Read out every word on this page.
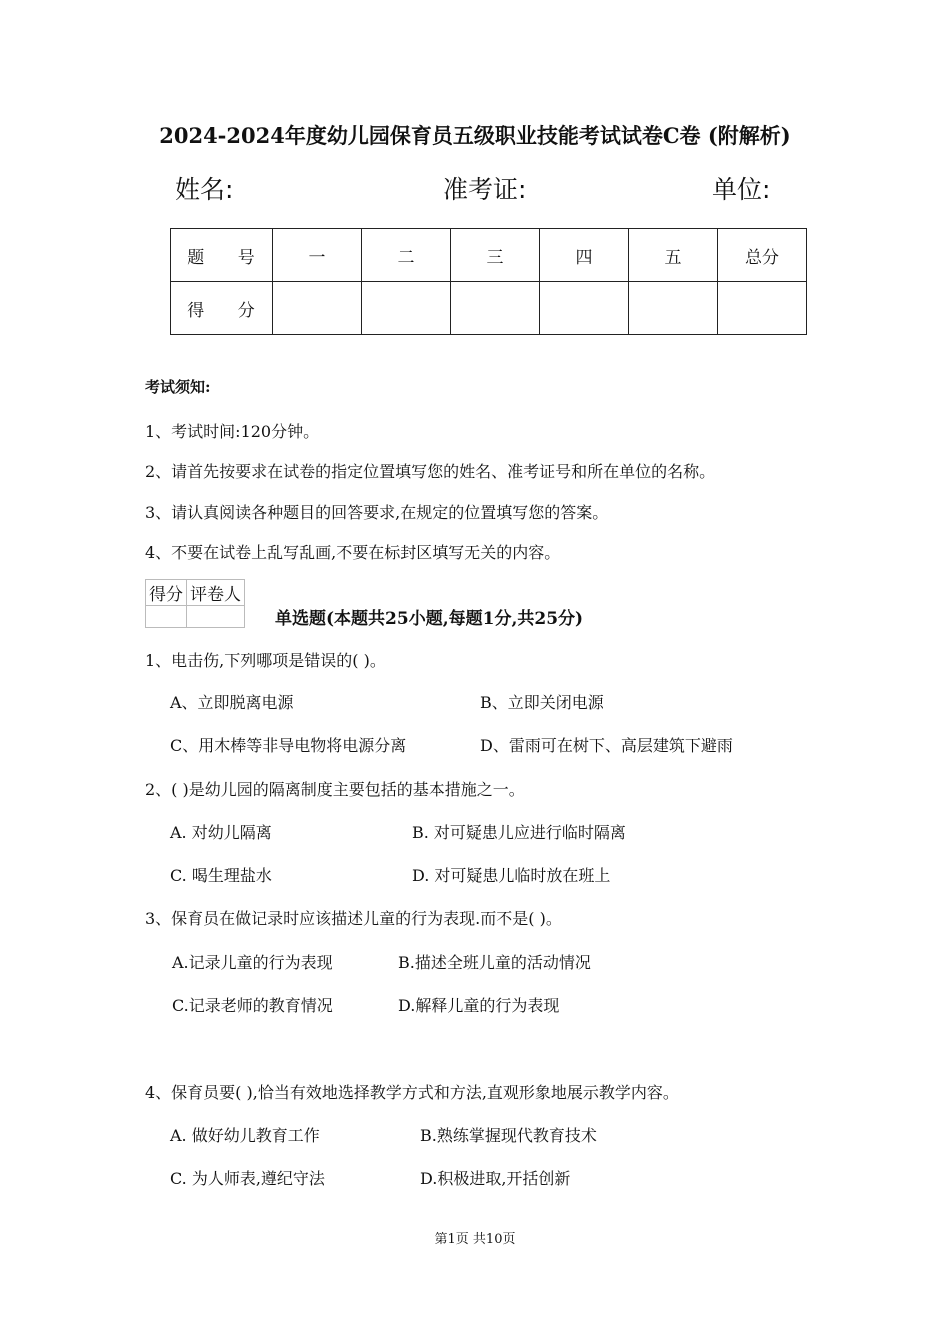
2024-2024年度幼儿园保育员五级职业技能考试试卷C卷 (附解析)
姓名:	准考证:	单位:
题 号	一	二	三	四	五	总分
得 分						
考试须知:
1、考试时间:120分钟。
2、请首先按要求在试卷的指定位置填写您的姓名、准考证号和所在单位的名称。
3、请认真阅读各种题目的回答要求,在规定的位置填写您的答案。
4、不要在试卷上乱写乱画,不要在标封区填写无关的内容。
得分	评卷人

单选题(本题共25小题,每题1分,共25分)
1、电击伤,下列哪项是错误的( )。
A、立即脱离电源	B、立即关闭电源
C、用木棒等非导电物将电源分离	D、雷雨可在树下、高层建筑下避雨
2、( )是幼儿园的隔离制度主要包括的基本措施之一。
A. 对幼儿隔离	B. 对可疑患儿应进行临时隔离
C. 喝生理盐水	D. 对可疑患儿临时放在班上
3、保育员在做记录时应该描述儿童的行为表现.而不是( )。
A.记录儿童的行为表现	B.描述全班儿童的活动情况
C.记录老师的教育情况	D.解释儿童的行为表现
4、保育员要( ),恰当有效地选择教学方式和方法,直观形象地展示教学内容。
A. 做好幼儿教育工作	B.熟练掌握现代教育技术
C. 为人师表,遵纪守法	D.积极进取,开括创新
第1页 共10页
